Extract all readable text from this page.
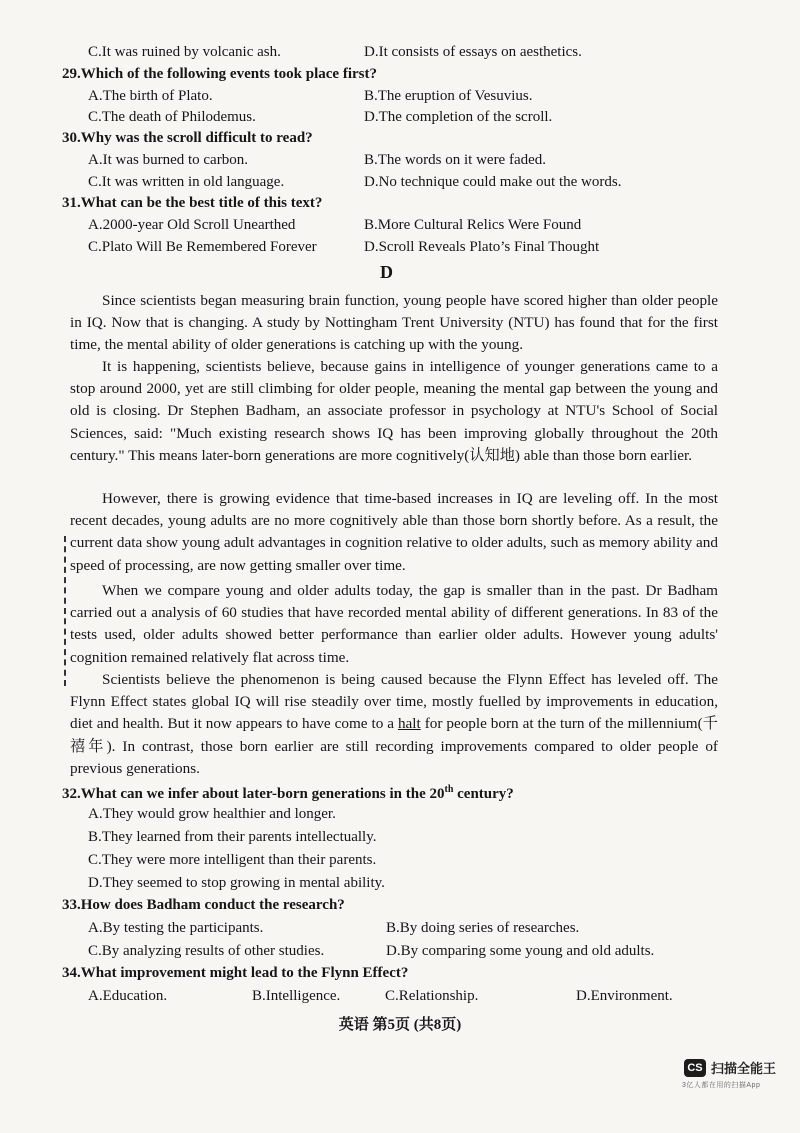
C.It was ruined by volcanic ash.	D.It consists of essays on aesthetics.
29.Which of the following events took place first?
A.The birth of Plato.	B.The eruption of Vesuvius.
C.The death of Philodemus.	D.The completion of the scroll.
30.Why was the scroll difficult to read?
A.It was burned to carbon.	B.The words on it were faded.
C.It was written in old language.	D.No technique could make out the words.
31.What can be the best title of this text?
A.2000-year Old Scroll Unearthed	B.More Cultural Relics Were Found
C.Plato Will Be Remembered Forever	D.Scroll Reveals Plato’s Final Thought
D

Since scientists began measuring brain function, young people have scored higher than older people in IQ. Now that is changing. A study by Nottingham Trent University (NTU) has found that for the first time, the mental ability of older generations is catching up with the young.

It is happening, scientists believe, because gains in intelligence of younger generations came to a stop around 2000, yet are still climbing for older people, meaning the mental gap between the young and old is closing. Dr Stephen Badham, an associate professor in psychology at NTU's School of Social Sciences, said: "Much existing research shows IQ has been improving globally throughout the 20th century." This means later-born generations are more cognitively(认知地) able than those born earlier.

However, there is growing evidence that time-based increases in IQ are leveling off. In the most recent decades, young adults are no more cognitively able than those born shortly before. As a result, the current data show young adult advantages in cognition relative to older adults, such as memory ability and speed of processing, are now getting smaller over time.

When we compare young and older adults today, the gap is smaller than in the past. Dr Badham carried out a analysis of 60 studies that have recorded mental ability of different generations. In 83 of the tests used, older adults showed better performance than earlier older adults. However young adults' cognition remained relatively flat across time.

Scientists believe the phenomenon is being caused because the Flynn Effect has leveled off. The Flynn Effect states global IQ will rise steadily over time, mostly fuelled by improvements in education, diet and health. But it now appears to have come to a halt for people born at the turn of the millennium(千禧年). In contrast, those born earlier are still recording improvements compared to older people of previous generations.

32.What can we infer about later-born generations in the 20th century?
A.They would grow healthier and longer.
B.They learned from their parents intellectually.
C.They were more intelligent than their parents.
D.They seemed to stop growing in mental ability.
33.How does Badham conduct the research?
A.By testing the participants.	B.By doing series of researches.
C.By analyzing results of other studies.	D.By comparing some young and old adults.
34.What improvement might lead to the Flynn Effect?
A.Education.	B.Intelligence.	C.Relationship.	D.Environment.
英语 第5页 (共8页)
CS 扫描全能王
3亿人都在用的扫描App
